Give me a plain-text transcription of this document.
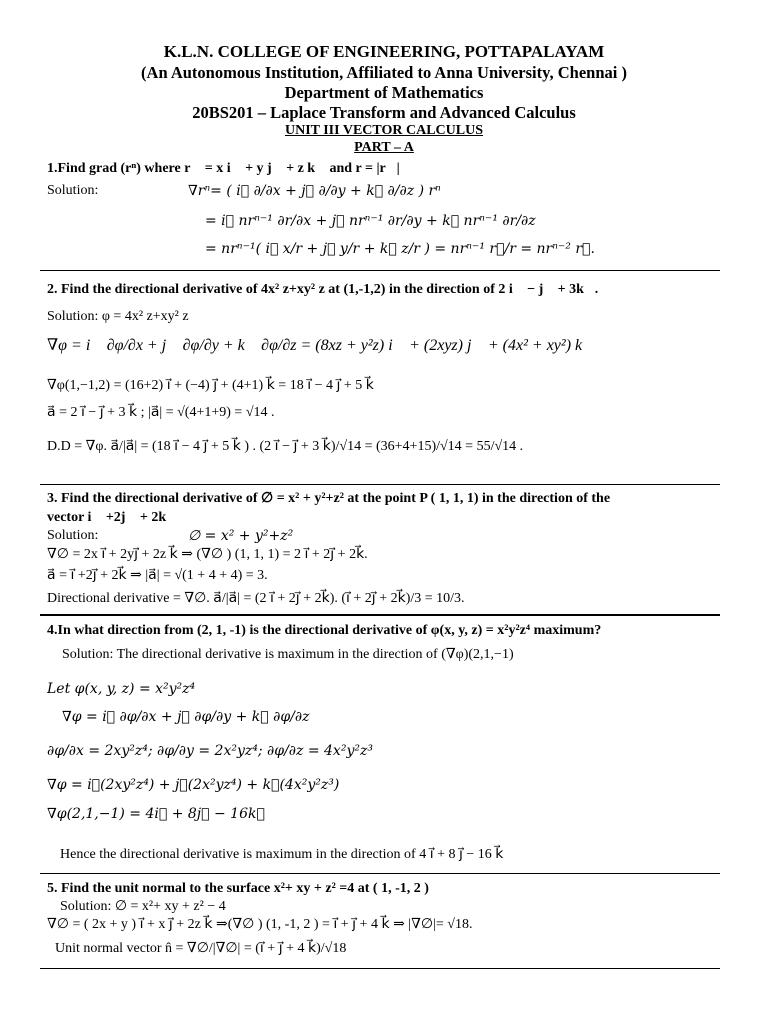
K.L.N. COLLEGE OF ENGINEERING, POTTAPALAYAM
(An Autonomous Institution, Affiliated to Anna University, Chennai )
Department of Mathematics
20BS201 – Laplace Transform and Advanced Calculus
UNIT III VECTOR CALCULUS
PART – A
1.Find grad (rⁿ) where r⃗ = x i⃗ + y j⃗ + z k⃗ and r = |r⃗|
Solution:	∇rⁿ= ( i⃗ ∂/∂x + j⃗ ∂/∂y + k⃗ ∂/∂z ) rⁿ
= i⃗ nrⁿ⁻¹ ∂r/∂x + j⃗ nrⁿ⁻¹ ∂r/∂y + k⃗ nrⁿ⁻¹ ∂r/∂z
= nrⁿ⁻¹( i⃗ x/r + j⃗ y/r + k⃗ z/r ) = nrⁿ⁻¹ r⃗/r = nrⁿ⁻² r⃗.
2. Find the directional derivative of 4x² z+xy² z at (1,-1,2) in the direction of 2 i⃗ − j⃗ + 3k⃗.
Solution: φ = 4x² z+xy² z
∇φ = i⃗ ∂φ/∂x + j⃗ ∂φ/∂y + k⃗ ∂φ/∂z = (8xz + y²z) i⃗ + (2xyz) j⃗ + (4x² + xy²) k⃗
∇φ(1,−1,2) = (16+2) i⃗ + (−4) j⃗ + (4+1) k⃗ = 18 i⃗ − 4 j⃗ + 5 k⃗
a⃗ = 2 i⃗ − j⃗ + 3 k⃗ ; |a⃗| = √(4+1+9) = √14 .
D.D = ∇φ. a⃗/|a⃗| = (18 i⃗ − 4 j⃗ + 5 k⃗ ) . (2 i⃗ − j⃗ + 3 k⃗)/√14 = (36+4+15)/√14 = 55/√14 .
3. Find the directional derivative of ∅ = x² + y²+z² at the point P ( 1, 1, 1) in the direction of the
vector i⃗ +2j⃗ + 2k⃗
Solution:	∅ = x² + y²+z²
∇∅ = 2x i⃗ + 2yj⃗ + 2z k⃗ ⇒ (∇∅ ) (1, 1, 1) = 2 i⃗ + 2j⃗ + 2k⃗.
a⃗ = i⃗ +2j⃗ + 2k⃗ ⇒ |a⃗| = √(1 + 4 + 4) = 3.
Directional derivative = ∇∅. a⃗/|a⃗| = (2 i⃗ + 2j⃗ + 2k⃗). (i⃗ + 2j⃗ + 2k⃗)/3 = 10/3.
4.In what direction from (2, 1, -1) is the directional derivative of φ(x, y, z) = x²y²z⁴ maximum?
Solution: The directional derivative is maximum in the direction of (∇φ)(2,1,−1)
Let φ(x, y, z) = x²y²z⁴
∇φ = i⃗ ∂φ/∂x + j⃗ ∂φ/∂y + k⃗ ∂φ/∂z
∂φ/∂x = 2xy²z⁴; ∂φ/∂y = 2x²yz⁴; ∂φ/∂z = 4x²y²z³
∇φ = i⃗(2xy²z⁴) + j⃗(2x²yz⁴) + k⃗(4x²y²z³)
∇φ(2,1,−1) = 4i⃗ + 8j⃗ − 16k⃗
Hence the directional derivative is maximum in the direction of 4 i⃗ + 8 j⃗ − 16 k⃗
5. Find the unit normal to the surface x²+ xy + z² =4 at ( 1, -1, 2 )
Solution: ∅ = x²+ xy + z² − 4
∇∅ = ( 2x + y ) i⃗ + x j⃗ + 2z k⃗ ⇒(∇∅ ) (1, -1, 2 ) = i⃗ + j⃗ + 4 k⃗ ⇒ |∇∅|= √18.
Unit normal vector n̂ = ∇∅/|∇∅| = (i⃗ + j⃗ + 4 k⃗)/√18
